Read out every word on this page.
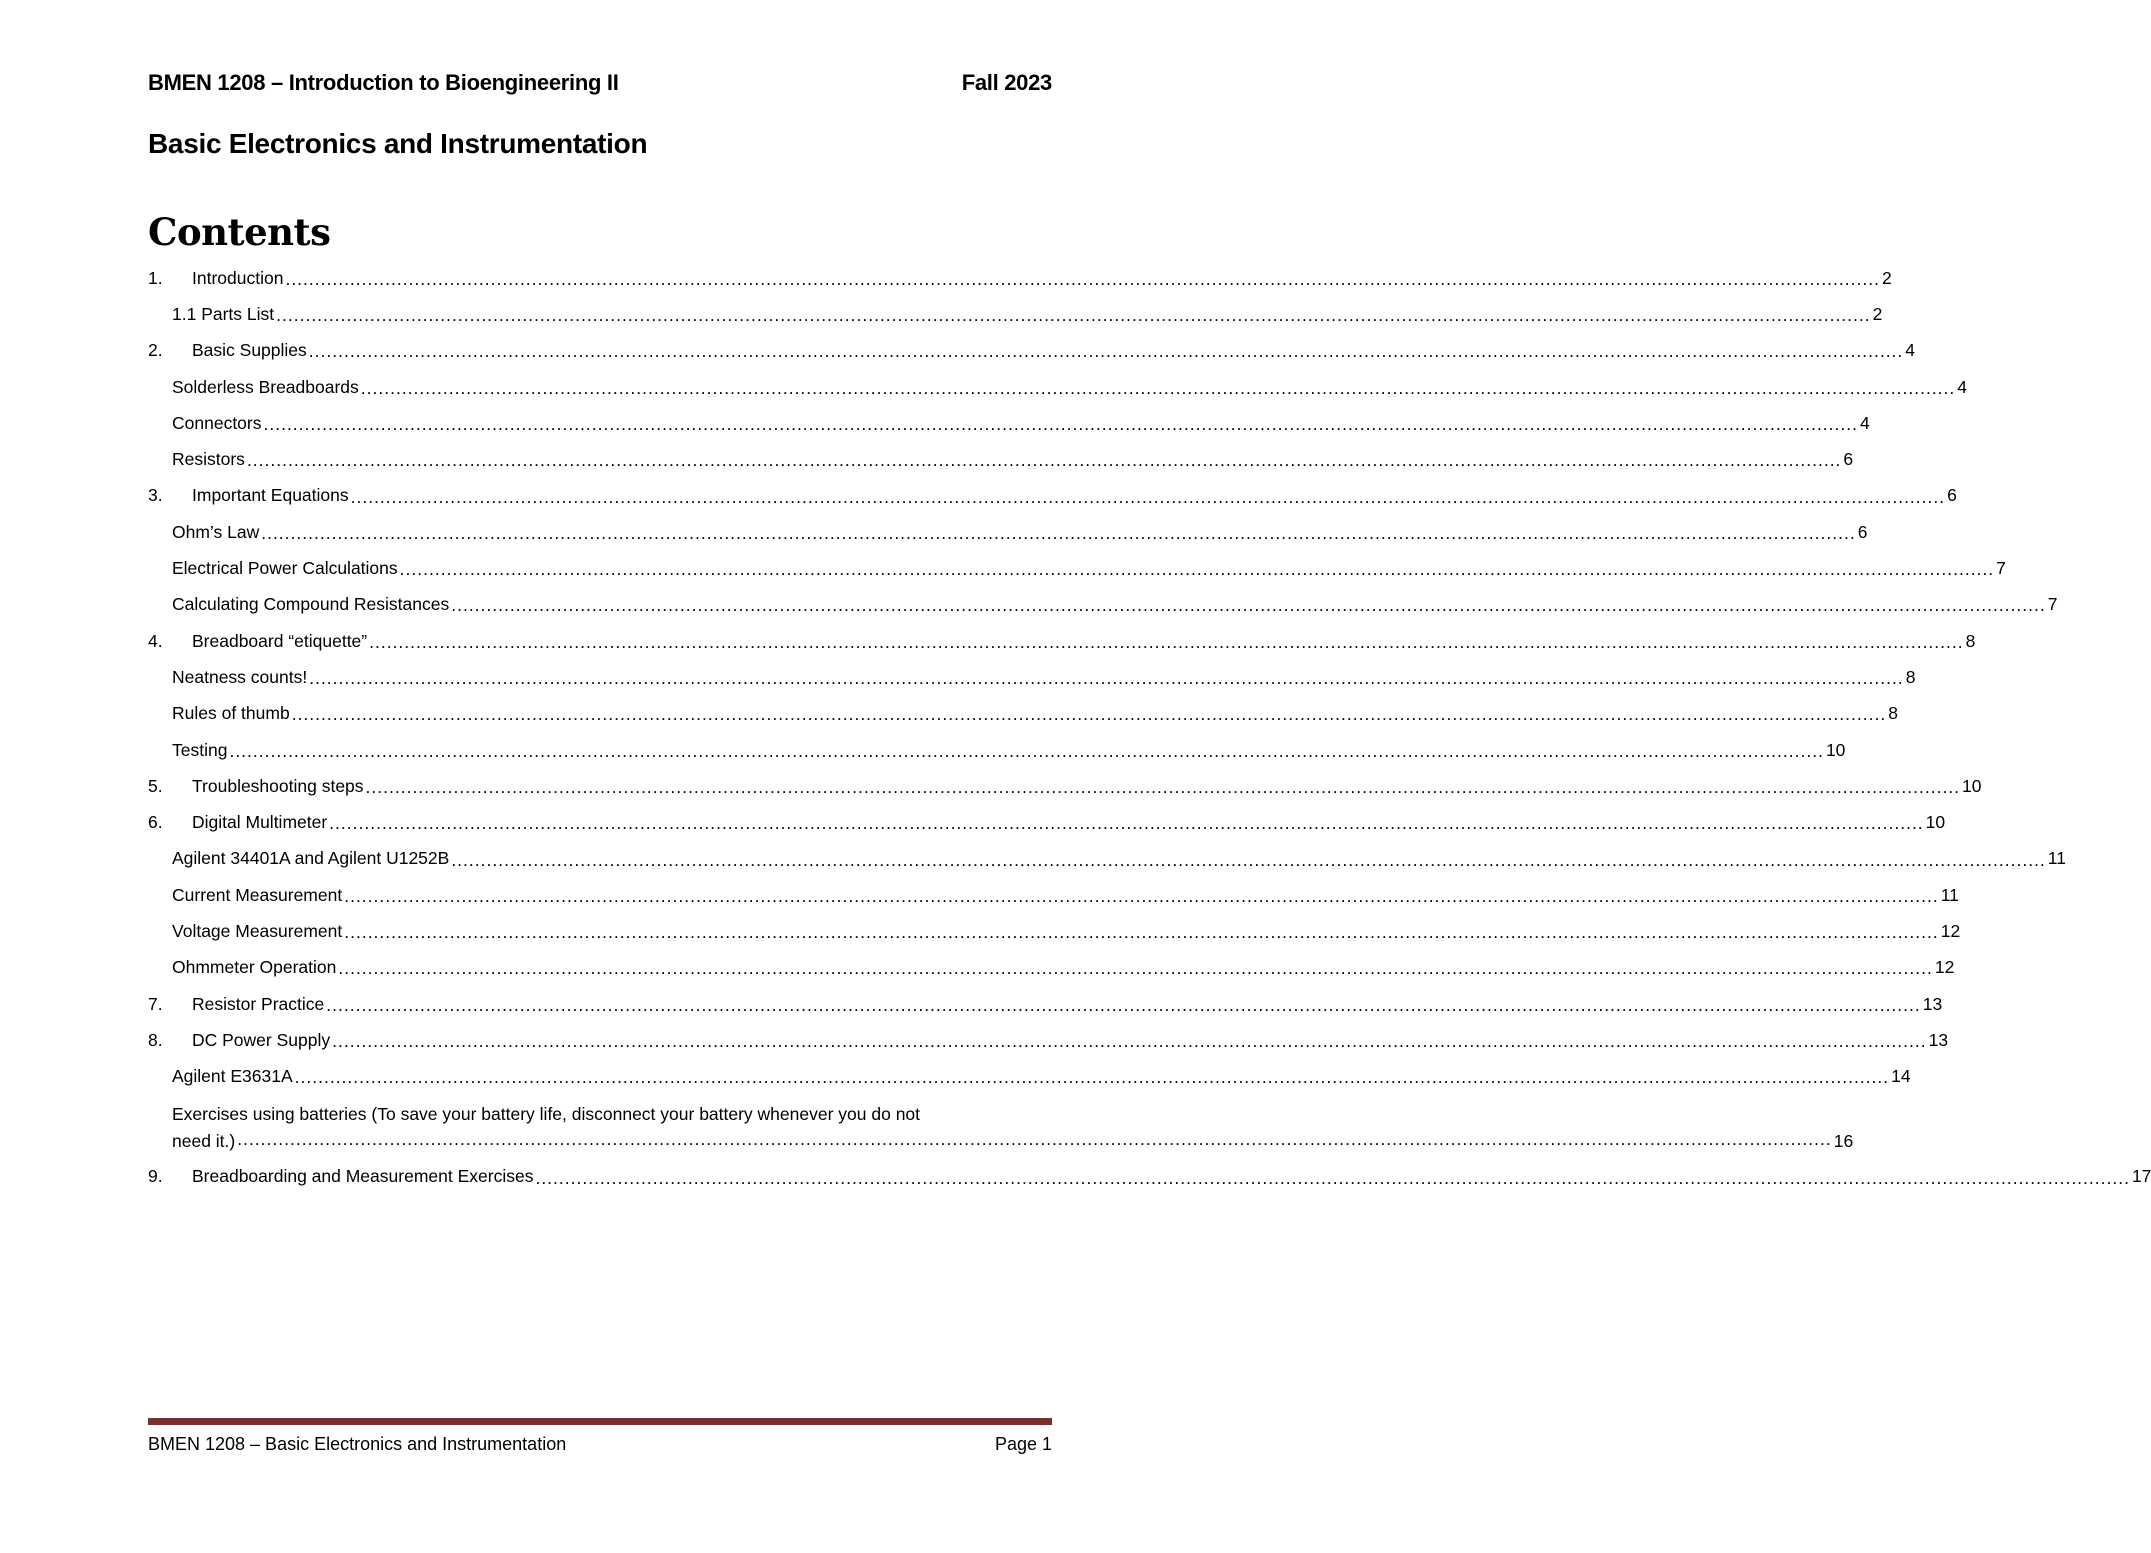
BMEN 1208 – Introduction to Bioengineering II	Fall 2023
Basic Electronics and Instrumentation
Contents
1.	Introduction .....	2
1.1 Parts List .....	2
2.	Basic Supplies .....	4
Solderless Breadboards .....	4
Connectors .....	4
Resistors .....	6
3.	Important Equations .....	6
Ohm’s Law .....	6
Electrical Power Calculations .....	7
Calculating Compound Resistances .....	7
4.	Breadboard “etiquette” .....	8
Neatness counts! .....	8
Rules of thumb .....	8
Testing .....	10
5.	Troubleshooting steps .....	10
6.	Digital Multimeter .....	10
Agilent 34401A and Agilent U1252B .....	11
Current Measurement .....	11
Voltage Measurement .....	12
Ohmmeter Operation .....	12
7.	Resistor Practice .....	13
8.	DC Power Supply .....	13
Agilent E3631A .....	14
Exercises using batteries (To save your battery life, disconnect your battery whenever you do not
need it.) .....	16
9.	Breadboarding and Measurement Exercises .....	17
BMEN 1208 – Basic Electronics and Instrumentation	Page 1
